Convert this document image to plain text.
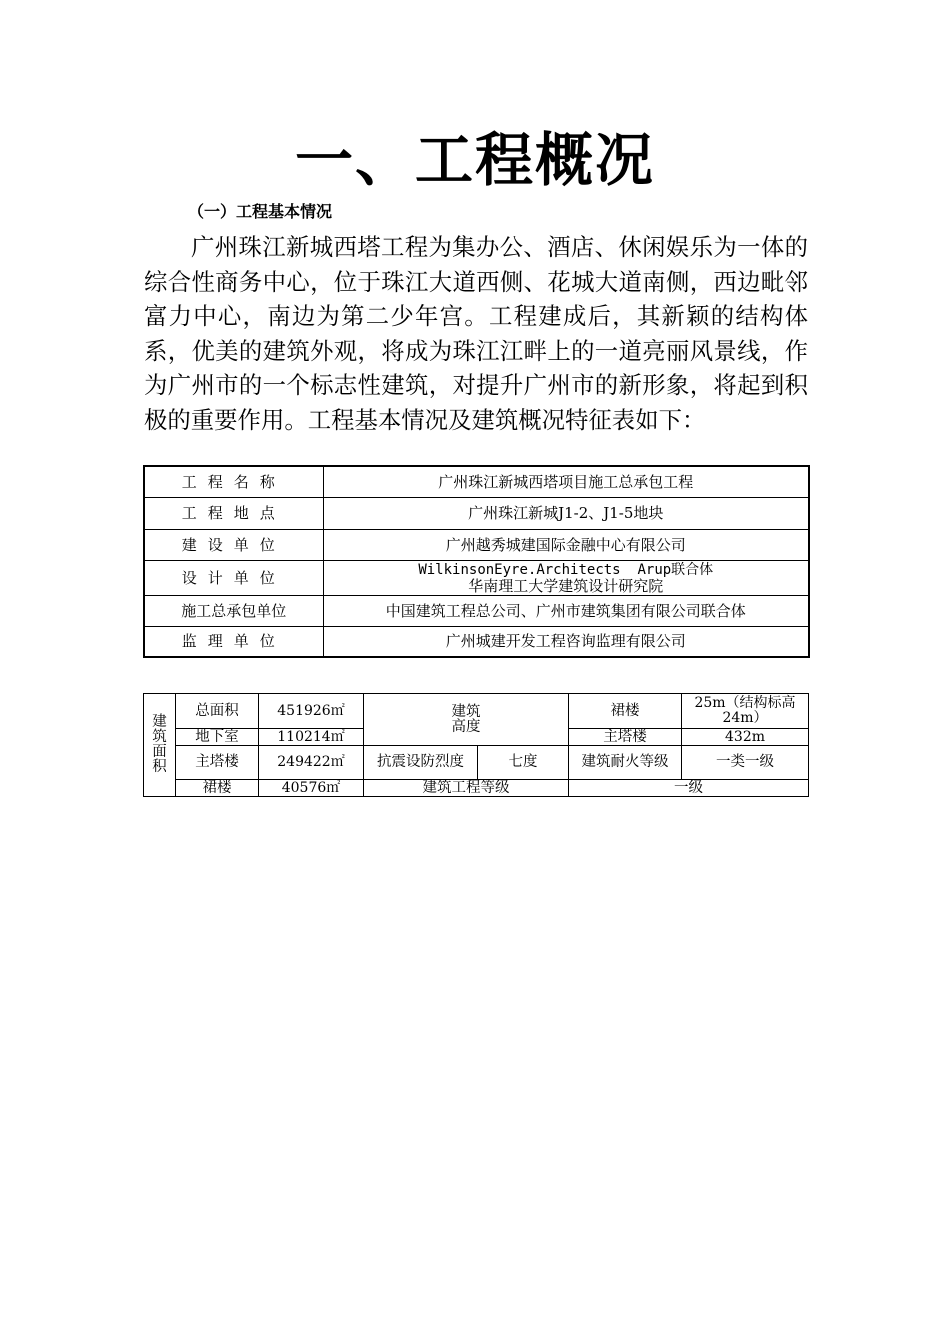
一、工程概况
（一）工程基本情况

广州珠江新城西塔工程为集办公、酒店、休闲娱乐为一体的综合性商务中心，位于珠江大道西侧、花城大道南侧，西边毗邻富力中心，南边为第二少年宫。工程建成后，其新颖的结构体系，优美的建筑外观，将成为珠江江畔上的一道亮丽风景线，作为广州市的一个标志性建筑，对提升广州市的新形象，将起到积极的重要作用。工程基本情况及建筑概况特征表如下：

工程名称	广州珠江新城西塔项目施工总承包工程
工程地点	广州珠江新城J1-2、J1-5地块
建设单位	广州越秀城建国际金融中心有限公司
设计单位	WilkinsonEyre.Architects  Arup联合体
华南理工大学建筑设计研究院

施工总承包单位	中国建筑工程总公司、广州市建筑集团有限公司联合体
监理单位	广州城建开发工程咨询监理有限公司
建筑面积	总面积	451926㎡	建筑高度		裙楼	25m（结构标高24m）

	地下室	110214㎡			主塔楼	432m
	主塔楼	249422㎡	抗震设防烈度	七度	建筑耐火等级	一类一级
	裙楼	40576㎡	建筑工程等级		一级	
